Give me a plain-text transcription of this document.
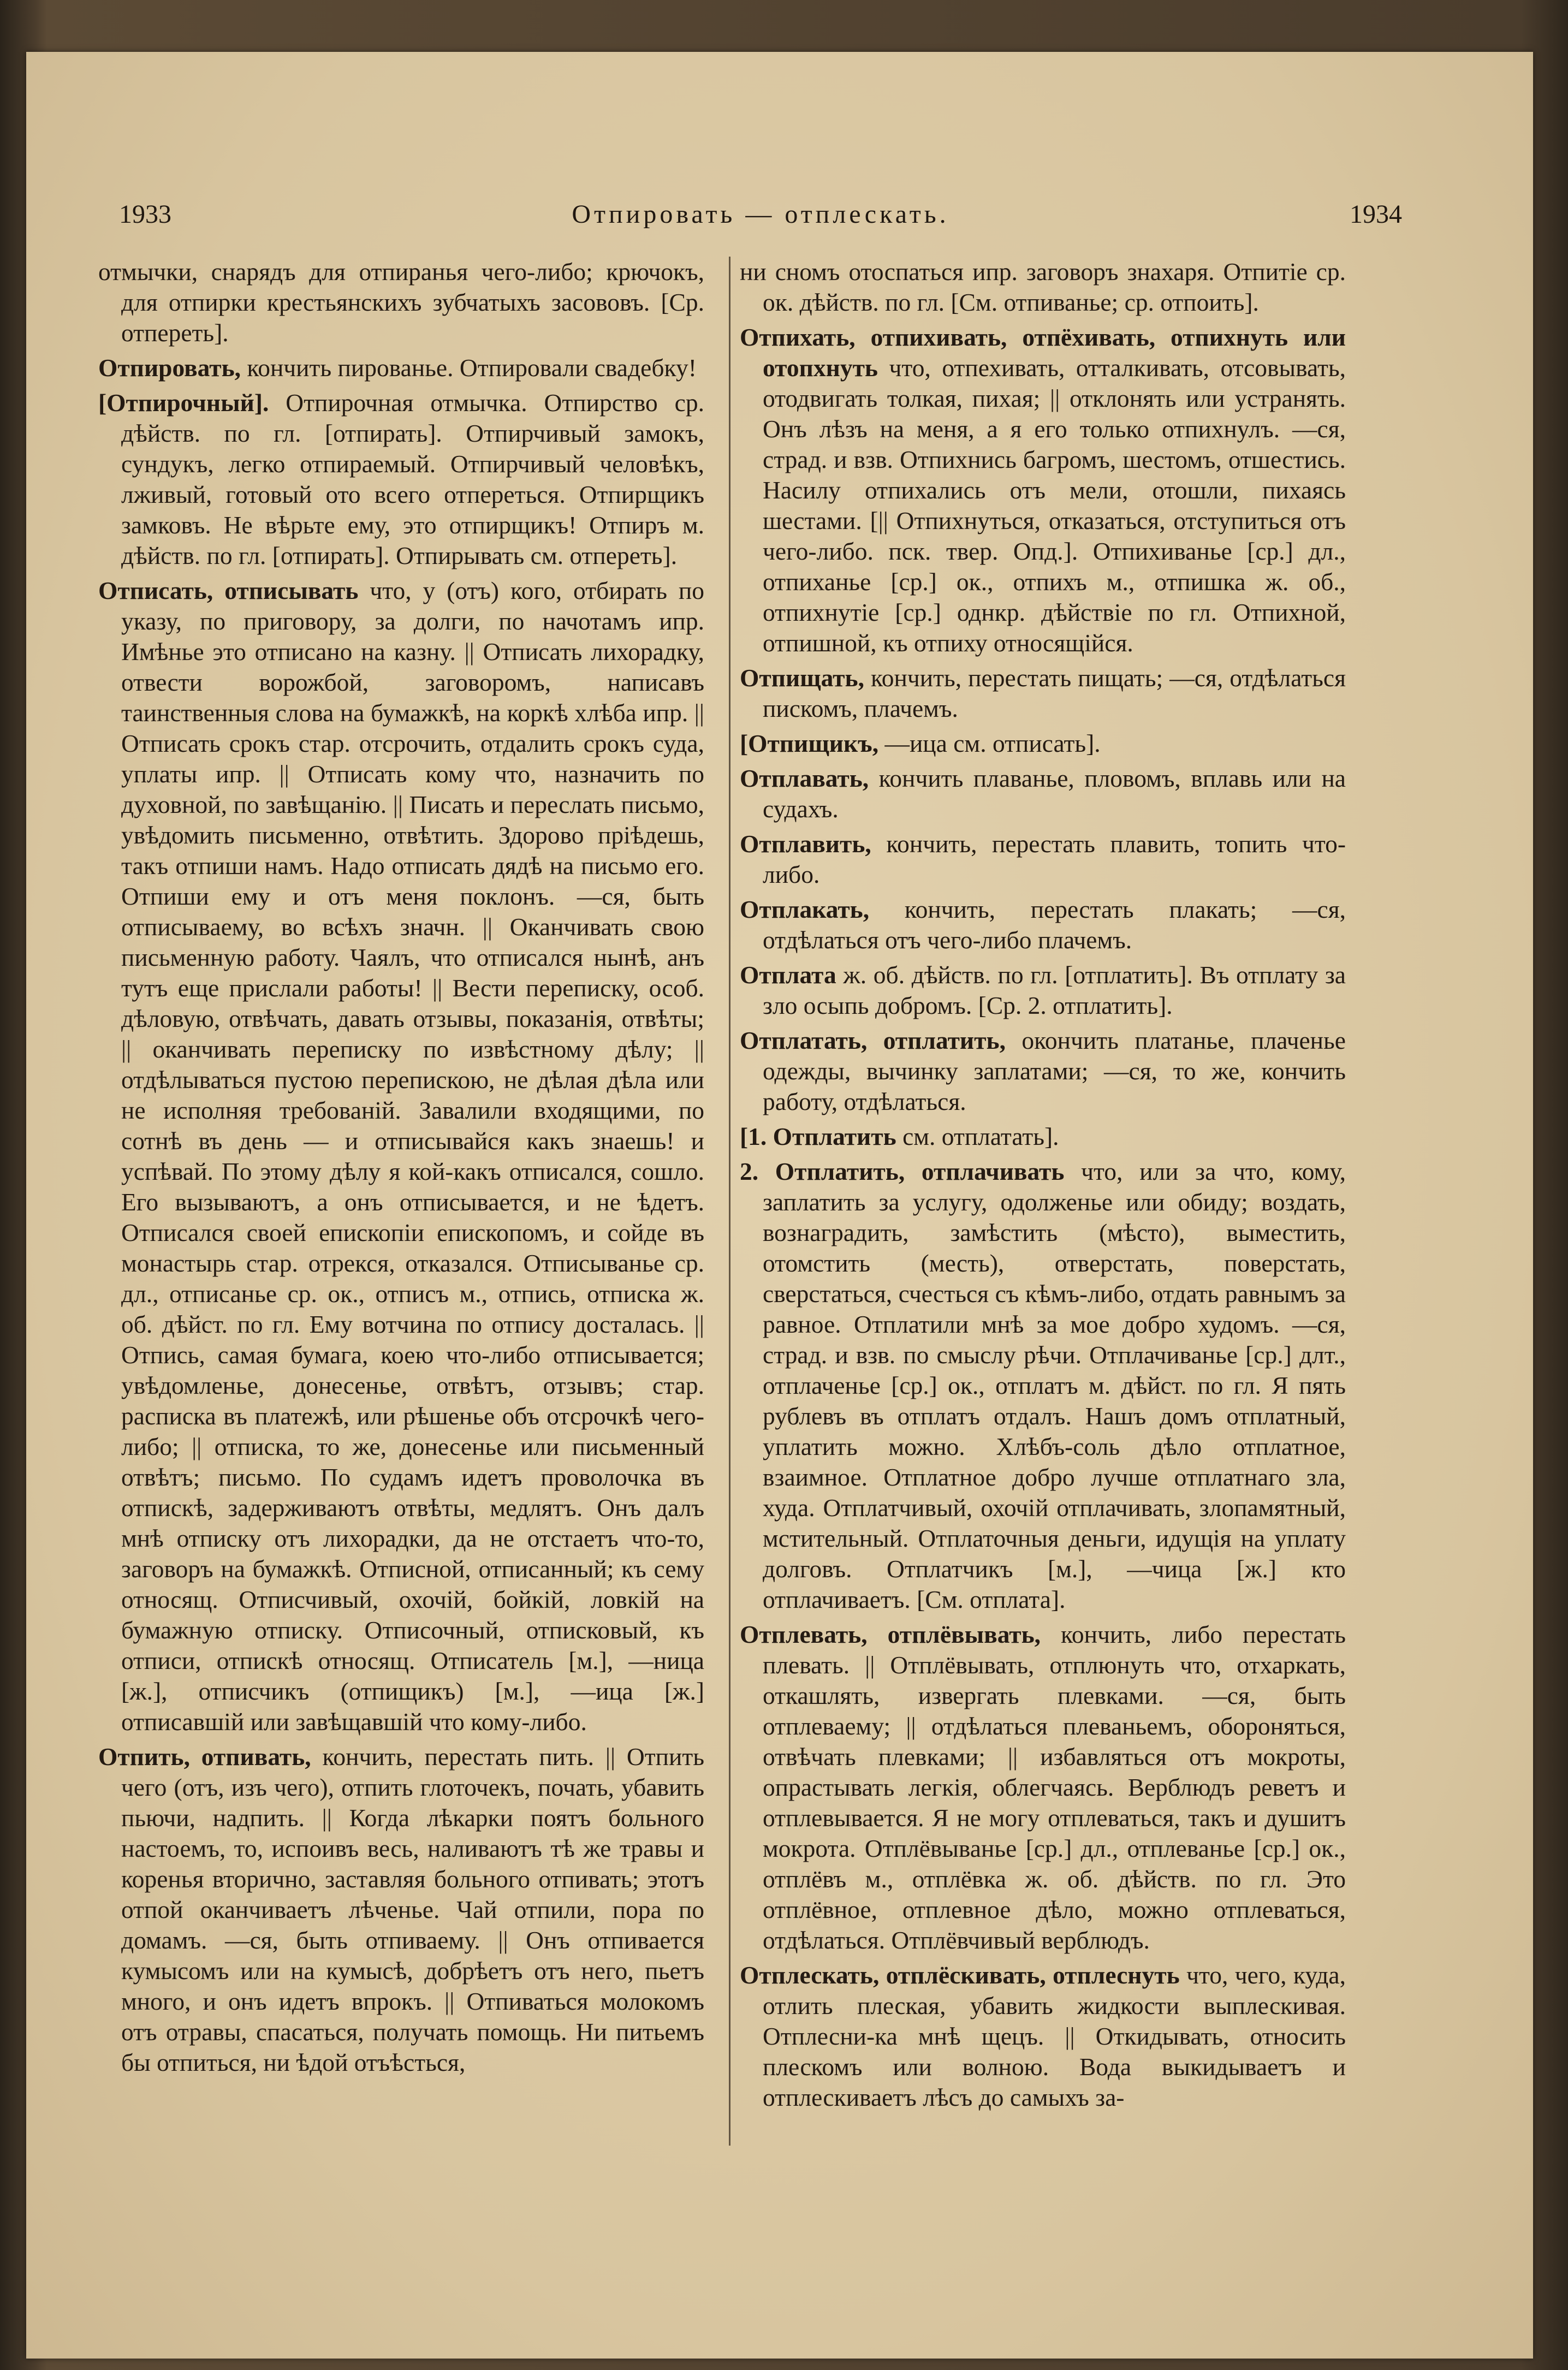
1933	Отпировать — отплескать.	1934

отмычки, снарядъ для отпиранья чего-либо; крючокъ, для отпирки крестьянскихъ зубчатыхъ засововъ. [Ср. отпереть].

Отпировать, кончить пированье. Отпировали свадебку!

[Отпирочный]. Отпирочная отмычка. Отпирство ср. дѣйств. по гл. [отпирать]. Отпирчивый замокъ, сундукъ, легко отпираемый. Отпирчивый человѣкъ, лживый, готовый ото всего отпереться. Отпирщикъ замковъ. Не вѣрьте ему, это отпирщикъ! Отпиръ м. дѣйств. по гл. [отпирать]. Отпирывать см. отпереть].

Отписать, отписывать что, у (отъ) кого, отбирать по указу, по приговору, за долги, по начотамъ ипр. Имѣнье это отписано на казну. || Отписать лихорадку, отвести ворожбой, заговоромъ, написавъ таинственныя слова на бумажкѣ, на коркѣ хлѣба ипр. || Отписать срокъ стар. отсрочить, отдалить срокъ суда, уплаты ипр. || Отписать кому что, назначить по духовной, по завѣщанію. || Писать и переслать письмо, увѣдомить письменно, отвѣтить. Здорово пріѣдешь, такъ отпиши намъ. Надо отписать дядѣ на письмо его. Отпиши ему и отъ меня поклонъ. —ся, быть отписываему, во всѣхъ значн. || Оканчивать свою письменную работу. Чаялъ, что отписался нынѣ, анъ тутъ еще прислали работы! || Вести переписку, особ. дѣловую, отвѣчать, давать отзывы, показанія, отвѣты; || оканчивать переписку по извѣстному дѣлу; || отдѣлываться пустою перепискою, не дѣлая дѣла или не исполняя требованій. Завалили входящими, по сотнѣ въ день — и отписывайся какъ знаешь! и успѣвай. По этому дѣлу я кой-какъ отписался, сошло. Его вызываютъ, а онъ отписывается, и не ѣдетъ. Отписался своей епископіи епископомъ, и сойде въ монастырь стар. отрекся, отказался. Отписыванье ср. дл., отписанье ср. ок., отписъ м., отпись, отписка ж. об. дѣйст. по гл. Ему вотчина по отпису досталась. || Отпись, самая бумага, коею что-либо отписывается; увѣдомленье, донесенье, отвѣтъ, отзывъ; стар. расписка въ платежѣ, или рѣшенье объ отсрочкѣ чего-либо; || отписка, то же, донесенье или письменный отвѣтъ; письмо. По судамъ идетъ проволочка въ отпискѣ, задерживаютъ отвѣты, медлятъ. Онъ далъ мнѣ отписку отъ лихорадки, да не отстаетъ что-то, заговоръ на бумажкѣ. Отписной, отписанный; къ сему относящ. Отписчивый, охочій, бойкій, ловкій на бумажную отписку. Отписочный, отписковый, къ отписи, отпискѣ относящ. Отписатель [м.], —ница [ж.], отписчикъ (отпищикъ) [м.], —ица [ж.] отписавшій или завѣщавшій что кому-либо.

Отпить, отпивать, кончить, перестать пить. || Отпить чего (отъ, изъ чего), отпить глоточекъ, почать, убавить пьючи, надпить. || Когда лѣкарки поятъ больного настоемъ, то, испоивъ весь, наливаютъ тѣ же травы и коренья вторично, заставляя больного отпивать; этотъ отпой оканчиваетъ лѣченье. Чай отпили, пора по домамъ. —ся, быть отпиваему. || Онъ отпивается кумысомъ или на кумысѣ, добрѣетъ отъ него, пьетъ много, и онъ идетъ впрокъ. || Отпиваться молокомъ отъ отравы, спасаться, получать помощь. Ни питьемъ бы отпиться, ни ѣдой отъѣсться,

ни сномъ отоспаться ипр. заговоръ знахаря. Отпитіе ср. ок. дѣйств. по гл. [См. отпиванье; ср. отпоить].

Отпихать, отпихивать, отпёхивать, отпихнуть или отопхнуть что, отпехивать, отталкивать, отсовывать, отодвигать толкая, пихая; || отклонять или устранять. Онъ лѣзъ на меня, а я его только отпихнулъ. —ся, страд. и взв. Отпихнись багромъ, шестомъ, отшестись. Насилу отпихались отъ мели, отошли, пихаясь шестами. [|| Отпихнуться, отказаться, отступиться отъ чего-либо. пск. твер. Опд.]. Отпихиванье [ср.] дл., отпиханье [ср.] ок., отпихъ м., отпишка ж. об., отпихнутіе [ср.] однкр. дѣйствіе по гл. Отпихной, отпишной, къ отпиху относящійся.

Отпищать, кончить, перестать пищать; —ся, отдѣлаться пискомъ, плачемъ.

[Отпищикъ, —ица см. отписать].

Отплавать, кончить плаванье, пловомъ, вплавь или на судахъ.

Отплавить, кончить, перестать плавить, топить что-либо.

Отплакать, кончить, перестать плакать; —ся, отдѣлаться отъ чего-либо плачемъ.

Отплата ж. об. дѣйств. по гл. [отплатить]. Въ отплату за зло осыпь добромъ. [Ср. 2. отплатить].

Отплатать, отплатить, окончить платанье, плаченье одежды, вычинку заплатами; —ся, то же, кончить работу, отдѣлаться.

[1. Отплатить см. отплатать].

2. Отплатить, отплачивать что, или за что, кому, заплатить за услугу, одолженье или обиду; воздать, вознаградить, замѣстить (мѣсто), выместить, отомстить (месть), отверстать, поверстать, сверстаться, счесться съ кѣмъ-либо, отдать равнымъ за равное. Отплатили мнѣ за мое добро худомъ. —ся, страд. и взв. по смыслу рѣчи. Отплачиванье [ср.] длт., отплаченье [ср.] ок., отплатъ м. дѣйст. по гл. Я пять рублевъ въ отплатъ отдалъ. Нашъ домъ отплатный, уплатить можно. Хлѣбъ-соль дѣло отплатное, взаимное. Отплатное добро лучше отплатнаго зла, худа. Отплатчивый, охочій отплачивать, злопамятный, мстительный. Отплаточныя деньги, идущія на уплату долговъ. Отплатчикъ [м.], —чица [ж.] кто отплачиваетъ. [См. отплата].

Отплевать, отплёвывать, кончить, либо перестать плевать. || Отплёвывать, отплюнуть что, отхаркать, откашлять, извергать плевками. —ся, быть отплеваему; || отдѣлаться плеваньемъ, обороняться, отвѣчать плевками; || избавляться отъ мокроты, опрастывать легкія, облегчаясь. Верблюдъ реветъ и отплевывается. Я не могу отплеваться, такъ и душитъ мокрота. Отплёвыванье [ср.] дл., отплеванье [ср.] ок., отплёвъ м., отплёвка ж. об. дѣйств. по гл. Это отплёвное, отплевное дѣло, можно отплеваться, отдѣлаться. Отплёвчивый верблюдъ.

Отплескать, отплёскивать, отплеснуть что, чего, куда, отлить плеская, убавить жидкости выплескивая. Отплесни-ка мнѣ щецъ. || Откидывать, относить плескомъ или волною. Вода выкидываетъ и отплескиваетъ лѣсъ до самыхъ за-
